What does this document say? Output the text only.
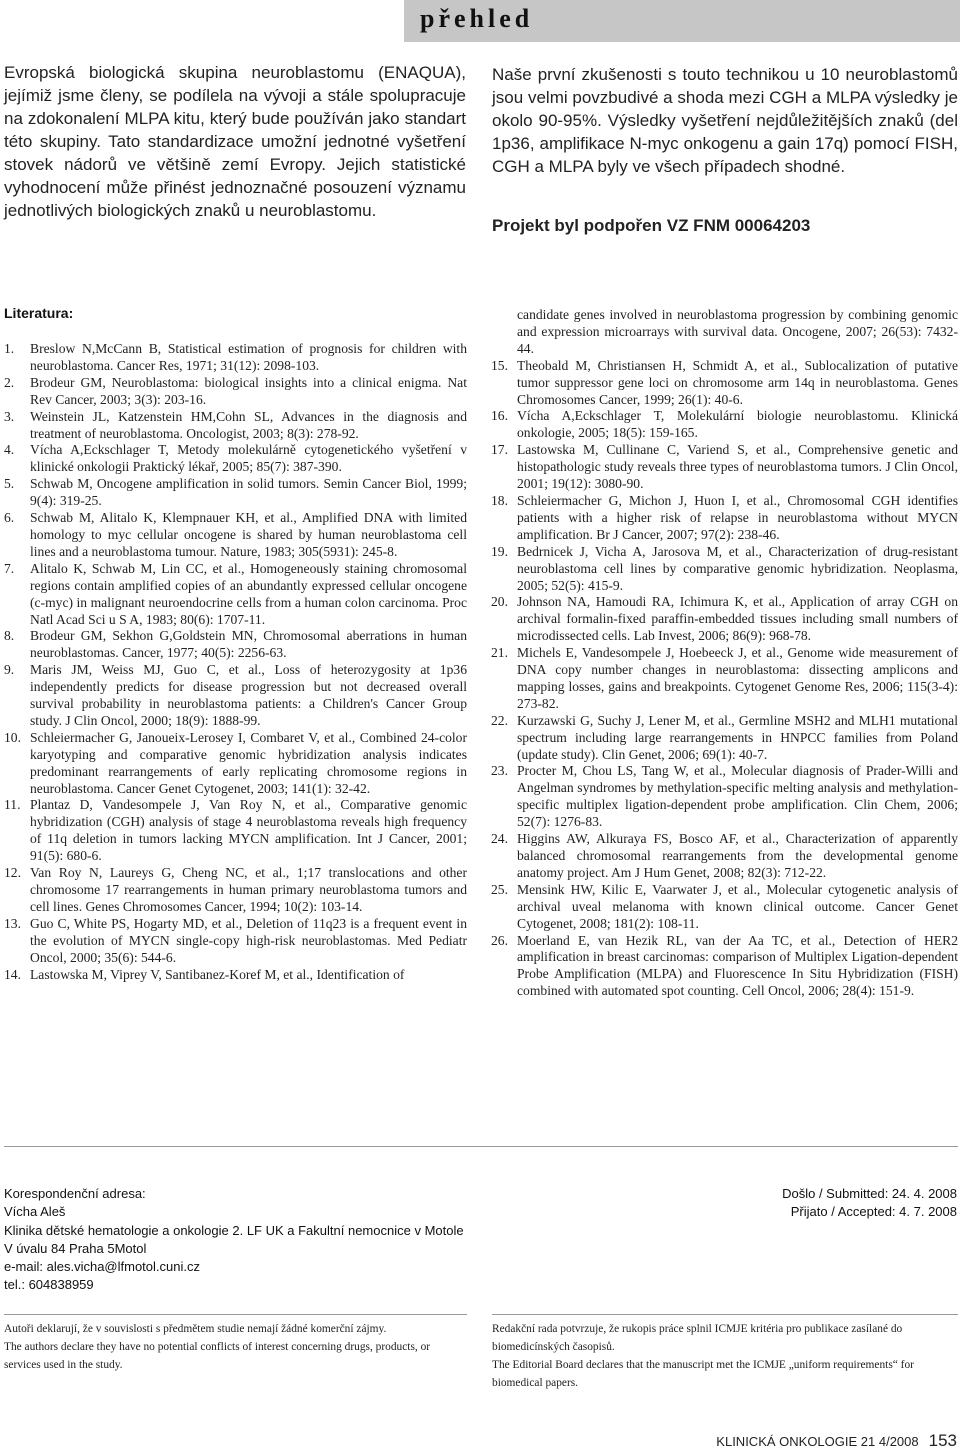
přehled
Evropská biologická skupina neuroblastomu (ENAQUA), jejímiž jsme členy, se podílela na vývoji a stále spolupracuje na zdokonalení MLPA kitu, který bude používán jako standart této skupiny. Tato standardizace umožní jednotné vyšetření stovek nádorů ve většině zemí Evropy. Jejich statistické vyhodnocení může přinést jednoznačné posouzení významu jednotlivých biologických znaků u neuroblastomu.
Naše první zkušenosti s touto technikou u 10 neuroblastomů jsou velmi povzbudivé a shoda mezi CGH a MLPA výsledky je okolo 90-95%. Výsledky vyšetření nejdůležitějších znaků (del 1p36, amplifikace N-myc onkogenu a gain 17q) pomocí FISH, CGH a MLPA byly ve všech případech shodné.
Projekt byl podpořen VZ FNM 00064203
Literatura:
1. Breslow N,McCann B, Statistical estimation of prognosis for children with neuroblastoma. Cancer Res, 1971; 31(12): 2098-103.
2. Brodeur GM, Neuroblastoma: biological insights into a clinical enigma. Nat Rev Cancer, 2003; 3(3): 203-16.
3. Weinstein JL, Katzenstein HM,Cohn SL, Advances in the diagnosis and treatment of neuroblastoma. Oncologist, 2003; 8(3): 278-92.
4. Vícha A,Eckschlager T, Metody molekulárně cytogenetického vyšetření v klinické onkologii Praktický lékař, 2005; 85(7): 387-390.
5. Schwab M, Oncogene amplification in solid tumors. Semin Cancer Biol, 1999; 9(4): 319-25.
6. Schwab M, Alitalo K, Klempnauer KH, et al., Amplified DNA with limited homology to myc cellular oncogene is shared by human neuroblastoma cell lines and a neuroblastoma tumour. Nature, 1983; 305(5931): 245-8.
7. Alitalo K, Schwab M, Lin CC, et al., Homogeneously staining chromosomal regions contain amplified copies of an abundantly expressed cellular oncogene (c-myc) in malignant neuroendocrine cells from a human colon carcinoma. Proc Natl Acad Sci u S A, 1983; 80(6): 1707-11.
8. Brodeur GM, Sekhon G,Goldstein MN, Chromosomal aberrations in human neuroblastomas. Cancer, 1977; 40(5): 2256-63.
9. Maris JM, Weiss MJ, Guo C, et al., Loss of heterozygosity at 1p36 independently predicts for disease progression but not decreased overall survival probability in neuroblastoma patients: a Children's Cancer Group study. J Clin Oncol, 2000; 18(9): 1888-99.
10. Schleiermacher G, Janoueix-Lerosey I, Combaret V, et al., Combined 24-color karyotyping and comparative genomic hybridization analysis indicates predominant rearrangements of early replicating chromosome regions in neuroblastoma. Cancer Genet Cytogenet, 2003; 141(1): 32-42.
11. Plantaz D, Vandesompele J, Van Roy N, et al., Comparative genomic hybridization (CGH) analysis of stage 4 neuroblastoma reveals high frequency of 11q deletion in tumors lacking MYCN amplification. Int J Cancer, 2001; 91(5): 680-6.
12. Van Roy N, Laureys G, Cheng NC, et al., 1;17 translocations and other chromosome 17 rearrangements in human primary neuroblastoma tumors and cell lines. Genes Chromosomes Cancer, 1994; 10(2): 103-14.
13. Guo C, White PS, Hogarty MD, et al., Deletion of 11q23 is a frequent event in the evolution of MYCN single-copy high-risk neuroblastomas. Med Pediatr Oncol, 2000; 35(6): 544-6.
14. Lastowska M, Viprey V, Santibanez-Koref M, et al., Identification of
candidate genes involved in neuroblastoma progression by combining genomic and expression microarrays with survival data. Oncogene, 2007; 26(53): 7432-44.
15. Theobald M, Christiansen H, Schmidt A, et al., Sublocalization of putative tumor suppressor gene loci on chromosome arm 14q in neuroblastoma. Genes Chromosomes Cancer, 1999; 26(1): 40-6.
16. Vícha A,Eckschlager T, Molekulární biologie neuroblastomu. Klinická onkologie, 2005; 18(5): 159-165.
17. Lastowska M, Cullinane C, Variend S, et al., Comprehensive genetic and histopathologic study reveals three types of neuroblastoma tumors. J Clin Oncol, 2001; 19(12): 3080-90.
18. Schleiermacher G, Michon J, Huon I, et al., Chromosomal CGH identifies patients with a higher risk of relapse in neuroblastoma without MYCN amplification. Br J Cancer, 2007; 97(2): 238-46.
19. Bedrnicek J, Vicha A, Jarosova M, et al., Characterization of drug-resistant neuroblastoma cell lines by comparative genomic hybridization. Neoplasma, 2005; 52(5): 415-9.
20. Johnson NA, Hamoudi RA, Ichimura K, et al., Application of array CGH on archival formalin-fixed paraffin-embedded tissues including small numbers of microdissected cells. Lab Invest, 2006; 86(9): 968-78.
21. Michels E, Vandesompele J, Hoebeeck J, et al., Genome wide measurement of DNA copy number changes in neuroblastoma: dissecting amplicons and mapping losses, gains and breakpoints. Cytogenet Genome Res, 2006; 115(3-4): 273-82.
22. Kurzawski G, Suchy J, Lener M, et al., Germline MSH2 and MLH1 mutational spectrum including large rearrangements in HNPCC families from Poland (update study). Clin Genet, 2006; 69(1): 40-7.
23. Procter M, Chou LS, Tang W, et al., Molecular diagnosis of Prader-Willi and Angelman syndromes by methylation-specific melting analysis and methylation-specific multiplex ligation-dependent probe amplification. Clin Chem, 2006; 52(7): 1276-83.
24. Higgins AW, Alkuraya FS, Bosco AF, et al., Characterization of apparently balanced chromosomal rearrangements from the developmental genome anatomy project. Am J Hum Genet, 2008; 82(3): 712-22.
25. Mensink HW, Kilic E, Vaarwater J, et al., Molecular cytogenetic analysis of archival uveal melanoma with known clinical outcome. Cancer Genet Cytogenet, 2008; 181(2): 108-11.
26. Moerland E, van Hezik RL, van der Aa TC, et al., Detection of HER2 amplification in breast carcinomas: comparison of Multiplex Ligation-dependent Probe Amplification (MLPA) and Fluorescence In Situ Hybridization (FISH) combined with automated spot counting. Cell Oncol, 2006; 28(4): 151-9.
Korespondenční adresa:
Vícha Aleš
Klinika dětské hematologie a onkologie 2. LF UK a Fakultní nemocnice v Motole
V úvalu 84 Praha 5Motol
e-mail: ales.vicha@lfmotol.cuni.cz
tel.: 604838959
Došlo / Submitted: 24. 4. 2008
Přijato / Accepted: 4. 7. 2008
Autoři deklarují, že v souvislosti s předmětem studie nemají žádné komerční zájmy.
The authors declare they have no potential conflicts of interest concerning drugs, products, or services used in the study.
Redakční rada potvrzuje, že rukopis práce splnil ICMJE kritéria pro publikace zasílané do biomedicínských časopisů.
The Editorial Board declares that the manuscript met the ICMJE „uniform requirements“ for biomedical papers.
KLINICKÁ ONKOLOGIE 21 4/2008 153
